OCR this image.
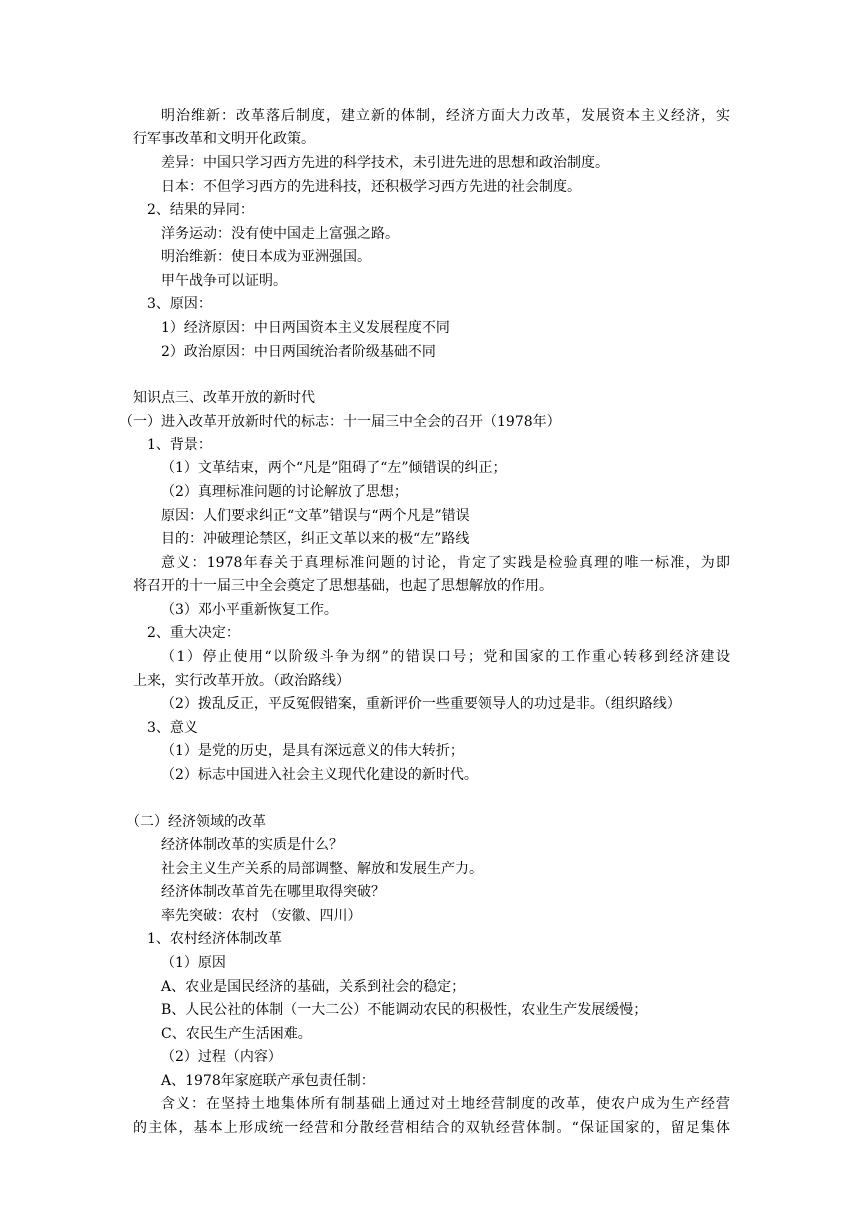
明治维新：改革落后制度，建立新的体制，经济方面大力改革，发展资本主义经济，实
行军事改革和文明开化政策。
差异：中国只学习西方先进的科学技术，未引进先进的思想和政治制度。
日本：不但学习西方的先进科技，还积极学习西方先进的社会制度。
2、结果的异同：
洋务运动：没有使中国走上富强之路。
明治维新：使日本成为亚洲强国。
甲午战争可以证明。
3、原因：
1）经济原因：中日两国资本主义发展程度不同
2）政治原因：中日两国统治者阶级基础不同
知识点三、改革开放的新时代
（一）进入改革开放新时代的标志：十一届三中全会的召开（1978年）
1、背景：
（1）文革结束，两个“凡是”阻碍了“左”倾错误的纠正；
（2）真理标准问题的讨论解放了思想；
原因：人们要求纠正“文革”错误与“两个凡是”错误
目的：冲破理论禁区，纠正文革以来的极“左”路线
意义：1978年春关于真理标准问题的讨论，肯定了实践是检验真理的唯一标准，为即
将召开的十一届三中全会奠定了思想基础，也起了思想解放的作用。
（3）邓小平重新恢复工作。
2、重大决定：
（1）停止使用“以阶级斗争为纲”的错误口号；党和国家的工作重心转移到经济建设
上来，实行改革开放。（政治路线）
（2）拨乱反正，平反冤假错案，重新评价一些重要领导人的功过是非。（组织路线）
3、意义
（1）是党的历史，是具有深远意义的伟大转折；
（2）标志中国进入社会主义现代化建设的新时代。
（二）经济领域的改革
经济体制改革的实质是什么？
社会主义生产关系的局部调整、解放和发展生产力。
经济体制改革首先在哪里取得突破？
率先突破：农村 （安徽、四川）
1、农村经济体制改革
（1）原因
A、农业是国民经济的基础，关系到社会的稳定；
B、人民公社的体制（一大二公）不能调动农民的积极性，农业生产发展缓慢；
C、农民生产生活困难。
（2）过程（内容）
A、1978年家庭联产承包责任制：
含义：在坚持土地集体所有制基础上通过对土地经营制度的改革，使农户成为生产经营
的主体，基本上形成统一经营和分散经营相结合的双轨经营体制。“保证国家的，留足集体
